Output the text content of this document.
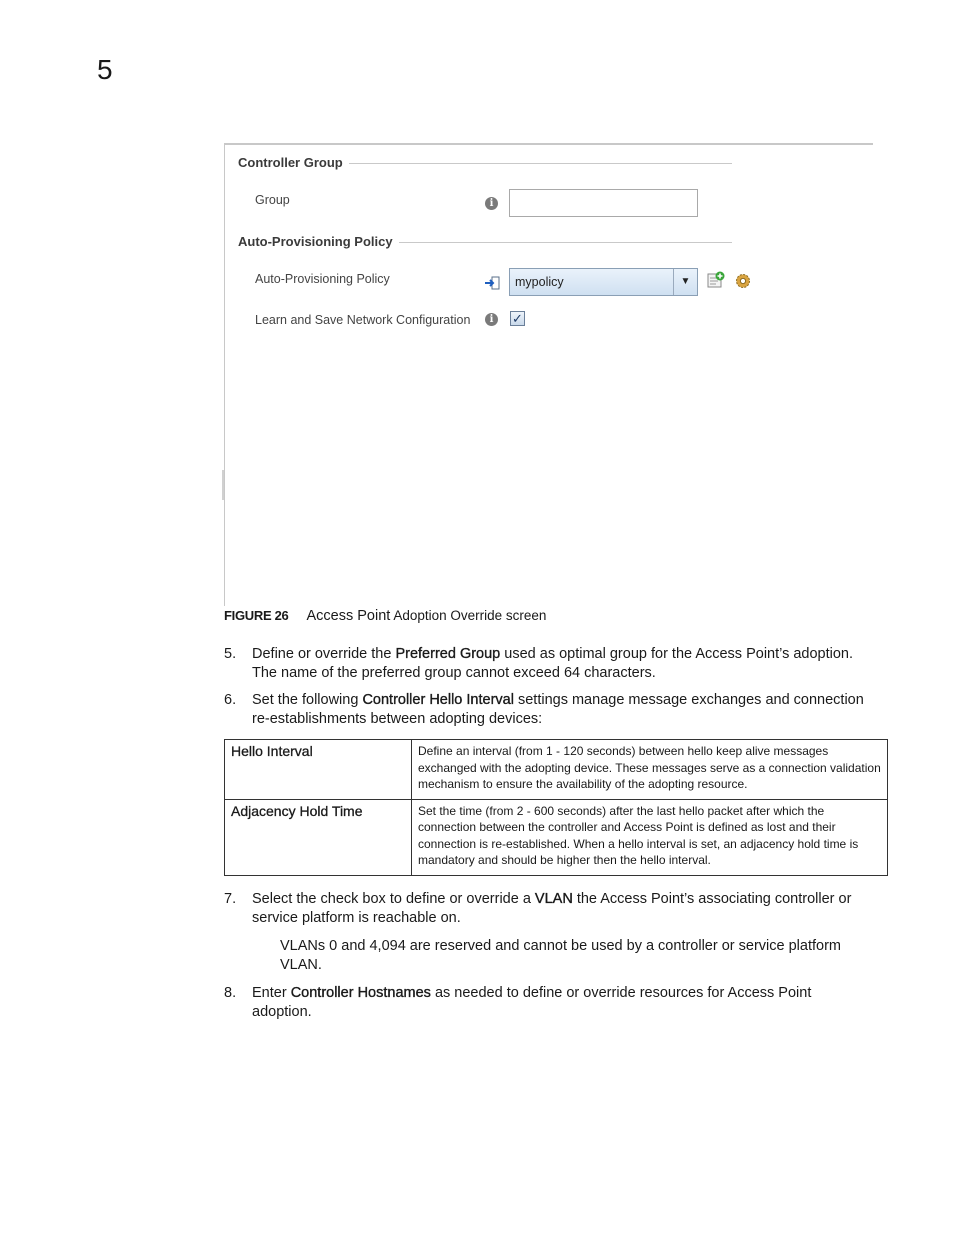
5
Controller Group
Group	i
Auto-Provisioning Policy
Auto-Provisioning Policy	mypolicy	▼
Learn and Save Network Configuration	i	✓
FIGURE 26 Access Point Adoption Override screen
5. Define or override the Preferred Group used as optimal group for the Access Point’s adoption. The name of the preferred group cannot exceed 64 characters.
6. Set the following Controller Hello Interval settings manage message exchanges and connection re-establishments between adopting devices:
Hello Interval	Define an interval (from 1 - 120 seconds) between hello keep alive messages exchanged with the adopting device. These messages serve as a connection validation mechanism to ensure the availability of the adopting resource.
Adjacency Hold Time	Set the time (from 2 - 600 seconds) after the last hello packet after which the connection between the controller and Access Point is defined as lost and their connection is re-established. When a hello interval is set, an adjacency hold time is mandatory and should be higher then the hello interval.
7. Select the check box to define or override a VLAN the Access Point’s associating controller or service platform is reachable on.
VLANs 0 and 4,094 are reserved and cannot be used by a controller or service platform VLAN.
8. Enter Controller Hostnames as needed to define or override resources for Access Point adoption.
